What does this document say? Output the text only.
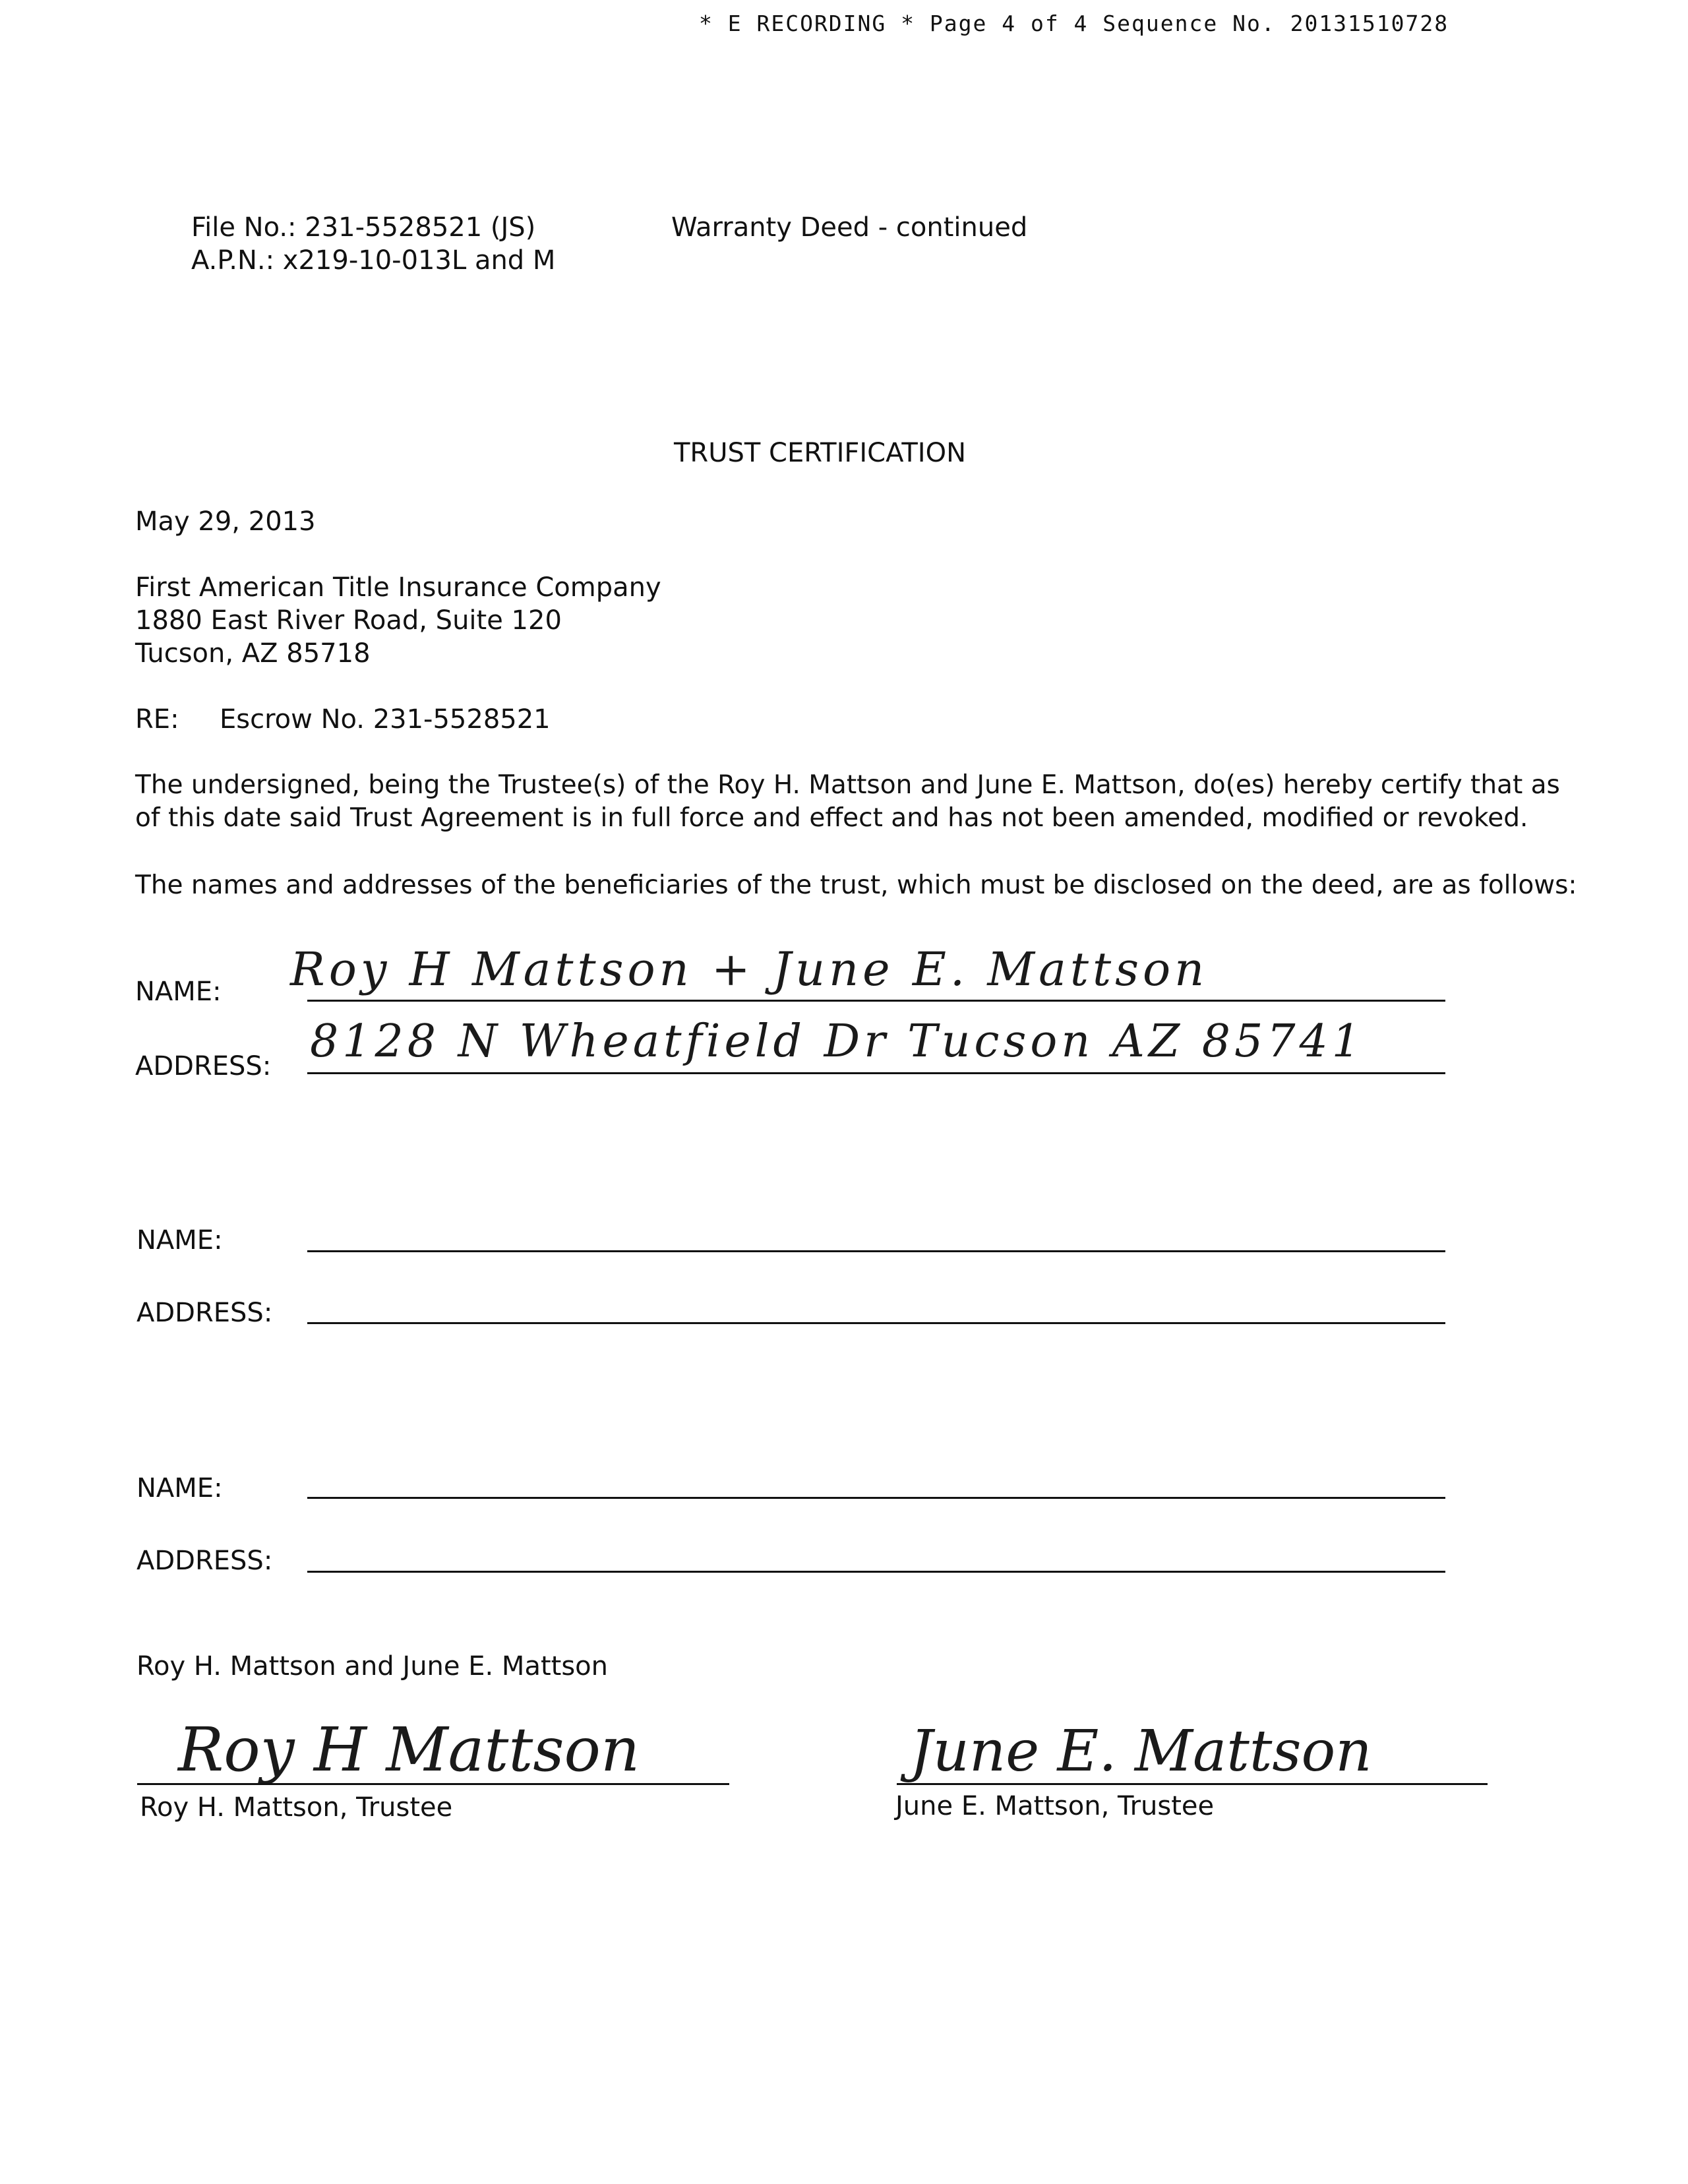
* E RECORDING * Page 4 of 4 Sequence No. 20131510728
File No.: 231-5528521 (JS)
A.P.N.: x219-10-013L and M
Warranty Deed - continued
TRUST CERTIFICATION
May 29, 2013
First American Title Insurance Company
1880 East River Road, Suite 120
Tucson, AZ 85718
RE: Escrow No. 231-5528521
The undersigned, being the Trustee(s) of the Roy H. Mattson and June E. Mattson, do(es) hereby certify that as
of this date said Trust Agreement is in full force and effect and has not been amended, modified or revoked.
The names and addresses of the beneficiaries of the trust, which must be disclosed on the deed, are as follows:
NAME: Roy H Mattson + June E. Mattson
ADDRESS: 8128 N Wheatfield Dr Tucson AZ 85741
NAME:
ADDRESS:
NAME:
ADDRESS:
Roy H. Mattson and June E. Mattson
Roy H Mattson
Roy H. Mattson, Trustee
June E. Mattson
June E. Mattson, Trustee
